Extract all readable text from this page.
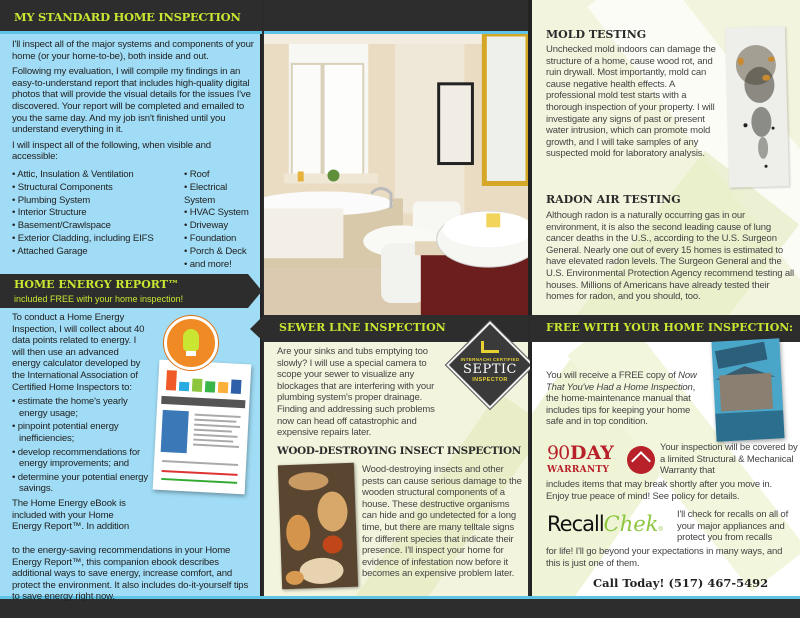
MY STANDARD HOME INSPECTION

I'll inspect all of the major systems and components of your home (or your home-to-be), both inside and out.

Following my evaluation, I will compile my findings in an easy-to-understand report that includes high-quality digital photos that will provide the visual details for the issues I've discovered. Your report will be completed and emailed to you the same day. And my job isn't finished until you understand everything in it.

I will inspect all of the following, when visible and accessible:

• Attic, Insulation & Ventilation
• Structural Components
• Plumbing System
• Interior Structure
• Basement/Crawlspace
• Exterior Cladding, including EIFS
• Attached Garage
• Roof
• Electrical System
• HVAC System
• Driveway
• Foundation
• Porch & Deck
• and more!
HOME ENERGY REPORT™
included FREE with your home inspection!

To conduct a Home Energy Inspection, I will collect about 40 data points related to energy. I will then use an advanced energy calculator developed by the International Association of Certified Home Inspectors to:

• estimate the home's yearly energy usage;
• pinpoint potential energy inefficiencies;
• develop recommendations for energy improvements; and
• determine your potential energy savings.

The Home Energy eBook is included with your Home Energy Report™. In addition

to the energy-saving recommendations in your Home Energy Report™, this companion ebook describes additional ways to save energy, increase comfort, and protect the environment. It also includes do-it-yourself tips to save energy right now.

SEWER LINE INSPECTION

Are your sinks and tubs emptying too slowly? I will use a special camera to scope your sewer to visualize any blockages that are interfering with your plumbing system's proper drainage. Finding and addressing such problems now can head off catastrophic and expensive repairs later.

INTERNACHI CERTIFIED
SEPTIC
INSPECTOR
WOOD-DESTROYING INSECT INSPECTION

Wood-destroying insects and other pests can cause serious damage to the wooden structural components of a house. These destructive organisms can hide and go undetected for a long time, but there are many telltale signs for different species that indicate their presence. I'll inspect your home for evidence of infestation now before it becomes an expensive problem later.

MOLD TESTING

Unchecked mold indoors can damage the structure of a home, cause wood rot, and ruin drywall. Most importantly, mold can cause negative health effects. A professional mold test starts with a thorough inspection of your property. I will investigate any signs of past or present water intrusion, which can promote mold growth, and I will take samples of any suspected mold for laboratory analysis.

RADON AIR TESTING

Although radon is a naturally occurring gas in our environment, it is also the second leading cause of lung cancer deaths in the U.S., according to the U.S. Surgeon General. Nearly one out of every 15 homes is estimated to have elevated radon levels. The Surgeon General and the U.S. Environmental Protection Agency recommend testing all houses. Millions of Americans have already tested their homes for radon, and you should, too.

FREE WITH YOUR HOME INSPECTION:

You will receive a FREE copy of Now That You've Had a Home Inspection, the home-maintenance manual that includes tips for keeping your home safe and in top condition.

90 DAY
WARRANTY

Your inspection will be covered by a limited Structural & Mechanical Warranty that

includes items that may break shortly after you move in. Enjoy true peace of mind! See policy for details.

RecallChek®

I'll check for recalls on all of your major appliances and protect you from recalls

for life! I'll go beyond your expectations in many ways, and this is just one of them.

Call Today! (517) 467-5492
